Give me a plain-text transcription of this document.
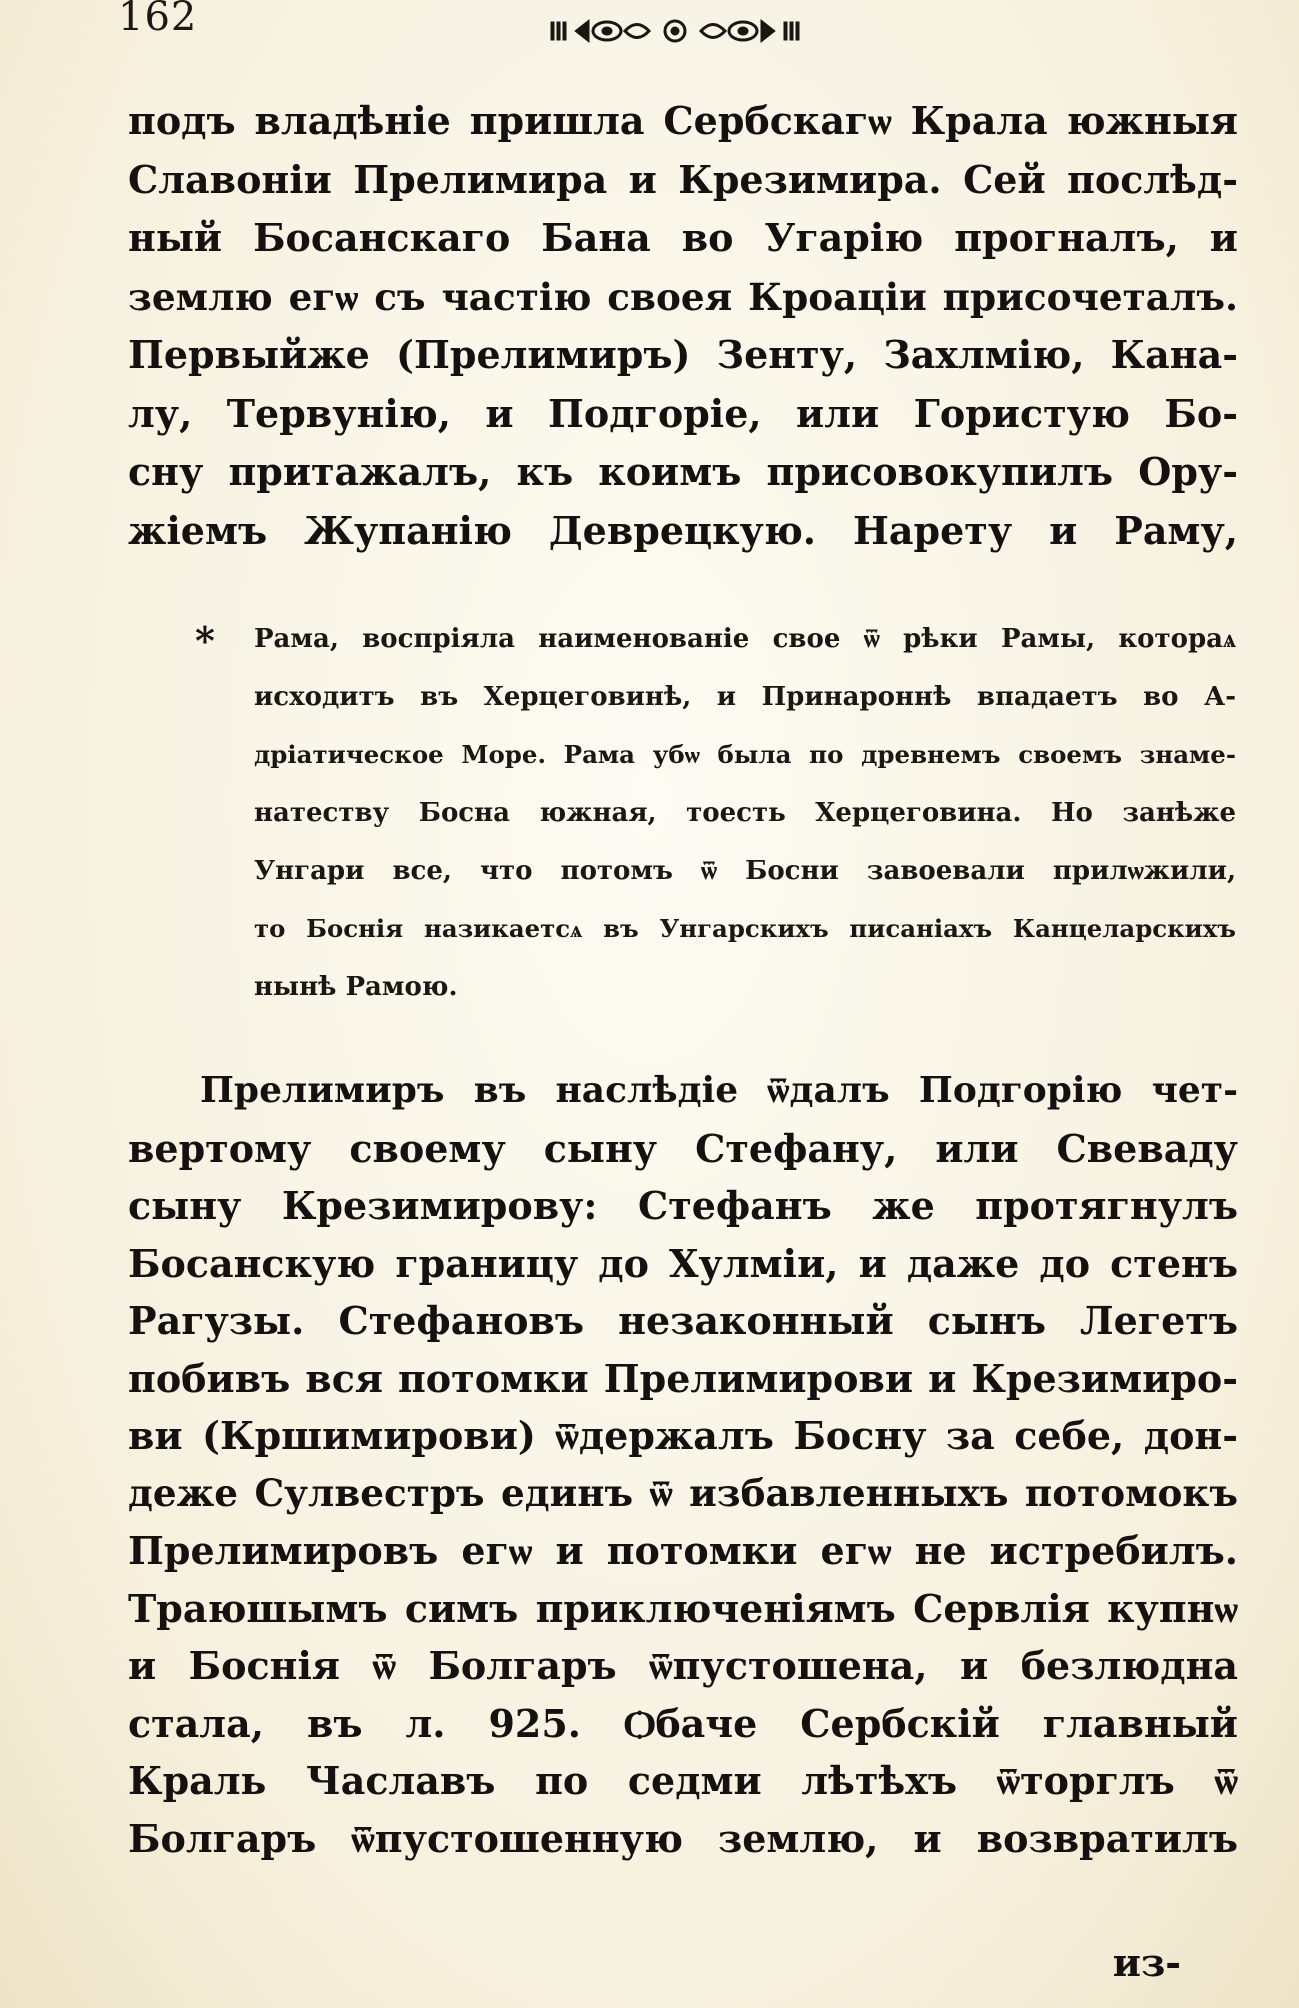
162
подъ владѣніе пришла Сербскагѡ Крала южныя
Славоніи Прелимира и Крезимира. Сей послѣд-
ный Босанскаго Бана во Угарію прогналъ, и
землю егѡ съ частію своея Кроаціи присочеталъ.
Первыйже (Прелимиръ) Зенту, Захлмію, Кана-
лу, Тервунію, и Подгоріе, или Гористую Бо-
сну притажалъ, къ коимъ присовокупилъ Ору-
жіемъ Жупанію Деврецкую. Нарету и Раму,
*	Рама, воспріяла наименованіе свое ѿ рѣки Рамы, котораѧ
исходитъ въ Херцеговинѣ, и Принароннѣ впадаетъ во А-
дріатическое Море. Рама убѡ была по древнемъ своемъ знаме-
натеству Босна южная, тоесть Херцеговина. Но занѣже
Унгари все, что потомъ ѿ Босни завоевали прилѡжили,
то Боснія назикаетсѧ въ Унгарскихъ писаніахъ Канцеларскихъ
нынѣ Рамою.
Прелимиръ въ наслѣдіе ѿдалъ Подгорію чет-
вертому своему сыну Стефану, или Свеваду
сыну Крезимирову: Стефанъ же протягнулъ
Босанскую границу до Хулміи, и даже до стенъ
Рагузы. Стефановъ незаконный сынъ Легетъ
побивъ вся потомки Прелимирови и Крезимиро-
ви (Кршимирови) ѿдержалъ Босну за себе, дон-
деже Сулвестръ единъ ѿ избавленныхъ потомокъ
Прелимировъ егѡ и потомки егѡ не истребилъ.
Траюшымъ симъ приключеніямъ Сервлія купнѡ
и Боснія ѿ Болгаръ ѿпустошена, и безлюдна
стала, въ л. 925. Ѻбаче Сербскій главный
Краль Чаславъ по седми лѣтѣхъ ѿторглъ ѿ
Болгаръ ѿпустошенную землю, и возвратилъ
из-
